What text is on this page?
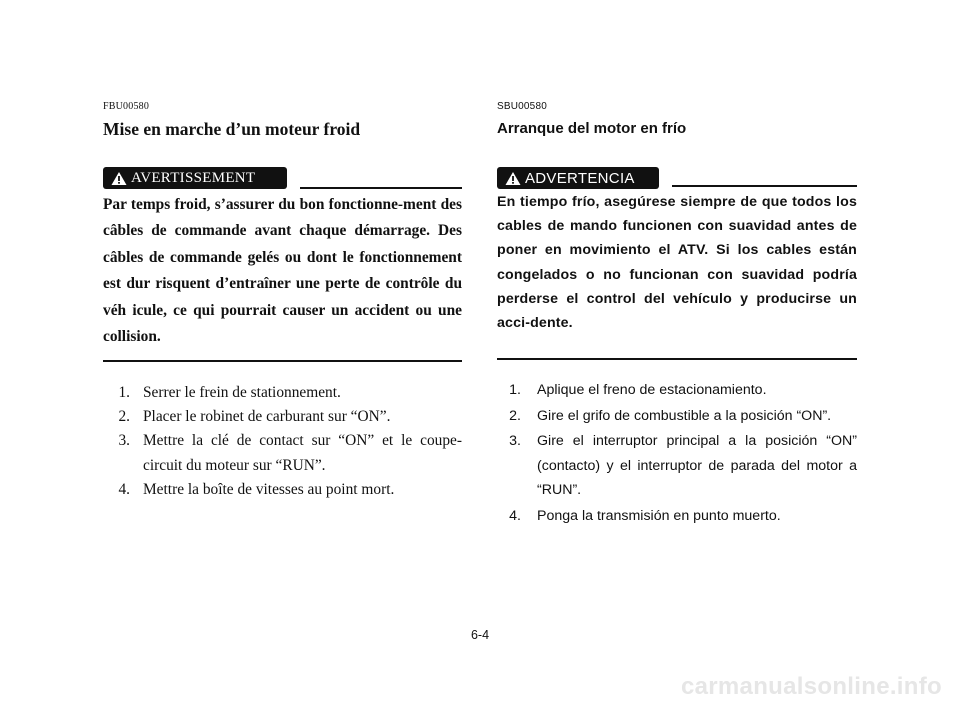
FBU00580
Mise en marche d’un moteur froid
AVERTISSEMENT

Par temps froid, s’assurer du bon fonctionne-ment des câbles de commande avant chaque démarrage. Des câbles de commande gelés ou dont le fonctionnement est dur risquent d’entraîner une perte de contrôle du véh icule, ce qui pourrait causer un accident ou une collision.

1. Serrer le frein de stationnement.
2. Placer le robinet de carburant sur “ON”.
3. Mettre la clé de contact sur “ON” et le coupe-circuit du moteur sur “RUN”.
4. Mettre la boîte de vitesses au point mort.
SBU00580
Arranque del motor en frío
ADVERTENCIA

En tiempo frío, asegúrese siempre de que todos los cables de mando funcionen con suavidad antes de poner en movimiento el ATV. Si los cables están congelados o no funcionan con suavidad podría perderse el control del vehículo y producirse un acci-dente.

1.	Aplique el freno de estacionamiento.
2.	Gire el grifo de combustible a la posición “ON”.
3.	Gire el interruptor principal a la posición “ON” (contacto) y el interruptor de parada del motor a “RUN”.
4.	Ponga la transmisión en punto muerto.
6-4
carmanualsonline.info
